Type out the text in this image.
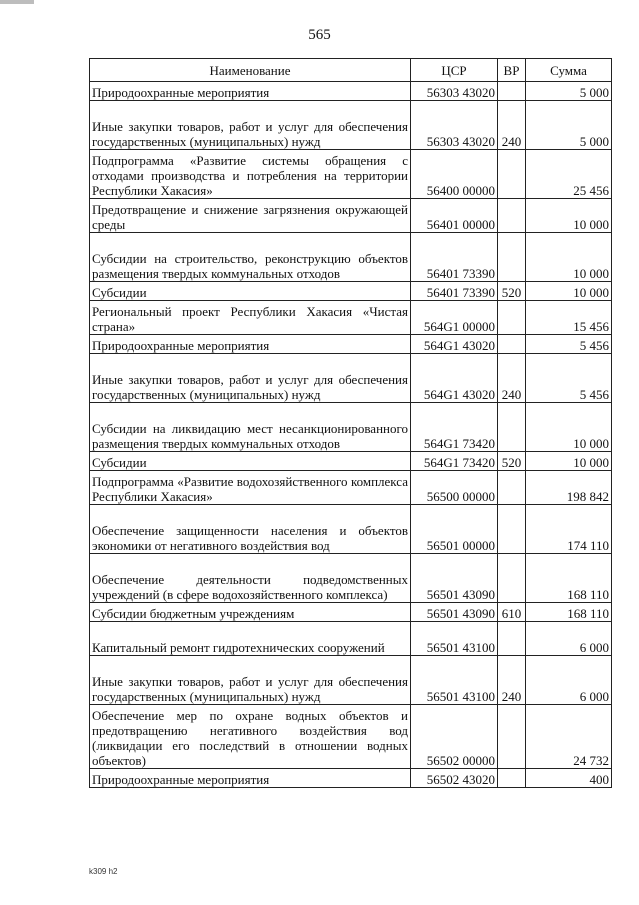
565
Наименование	ЦСР	ВР	Сумма
Природоохранные мероприятия	56303 43020		5 000
Иные закупки товаров, работ и услуг для обеспечения государственных (муниципальных) нужд	56303 43020	240	5 000
Подпрограмма «Развитие системы обращения с отходами производства и потребления на территории Республики Хакасия»	56400 00000		25 456
Предотвращение и снижение загрязнения окружающей среды	56401 00000		10 000
Субсидии на строительство, реконструкцию объектов размещения твердых коммунальных отходов	56401 73390		10 000
Субсидии	56401 73390	520	10 000
Региональный проект Республики Хакасия «Чистая страна»	564G1 00000		15 456
Природоохранные мероприятия	564G1 43020		5 456
Иные закупки товаров, работ и услуг для обеспечения государственных (муниципальных) нужд	564G1 43020	240	5 456
Субсидии на ликвидацию мест несанкционированного размещения твердых коммунальных отходов	564G1 73420		10 000
Субсидии	564G1 73420	520	10 000
Подпрограмма «Развитие водохозяйственного комплекса Республики Хакасия»	56500 00000		198 842
Обеспечение защищенности населения и объектов экономики от негативного воздействия вод	56501 00000		174 110
Обеспечение деятельности подведомственных учреждений (в сфере водохозяйственного комплекса)	56501 43090		168 110
Субсидии бюджетным учреждениям	56501 43090	610	168 110
Капитальный ремонт гидротехнических сооружений	56501 43100		6 000
Иные закупки товаров, работ и услуг для обеспечения государственных (муниципальных) нужд	56501 43100	240	6 000
Обеспечение мер по охране водных объектов и предотвращению негативного воздействия вод (ликвидации его последствий в отношении водных объектов)	56502 00000		24 732
Природоохранные мероприятия	56502 43020		400
k309 h2
